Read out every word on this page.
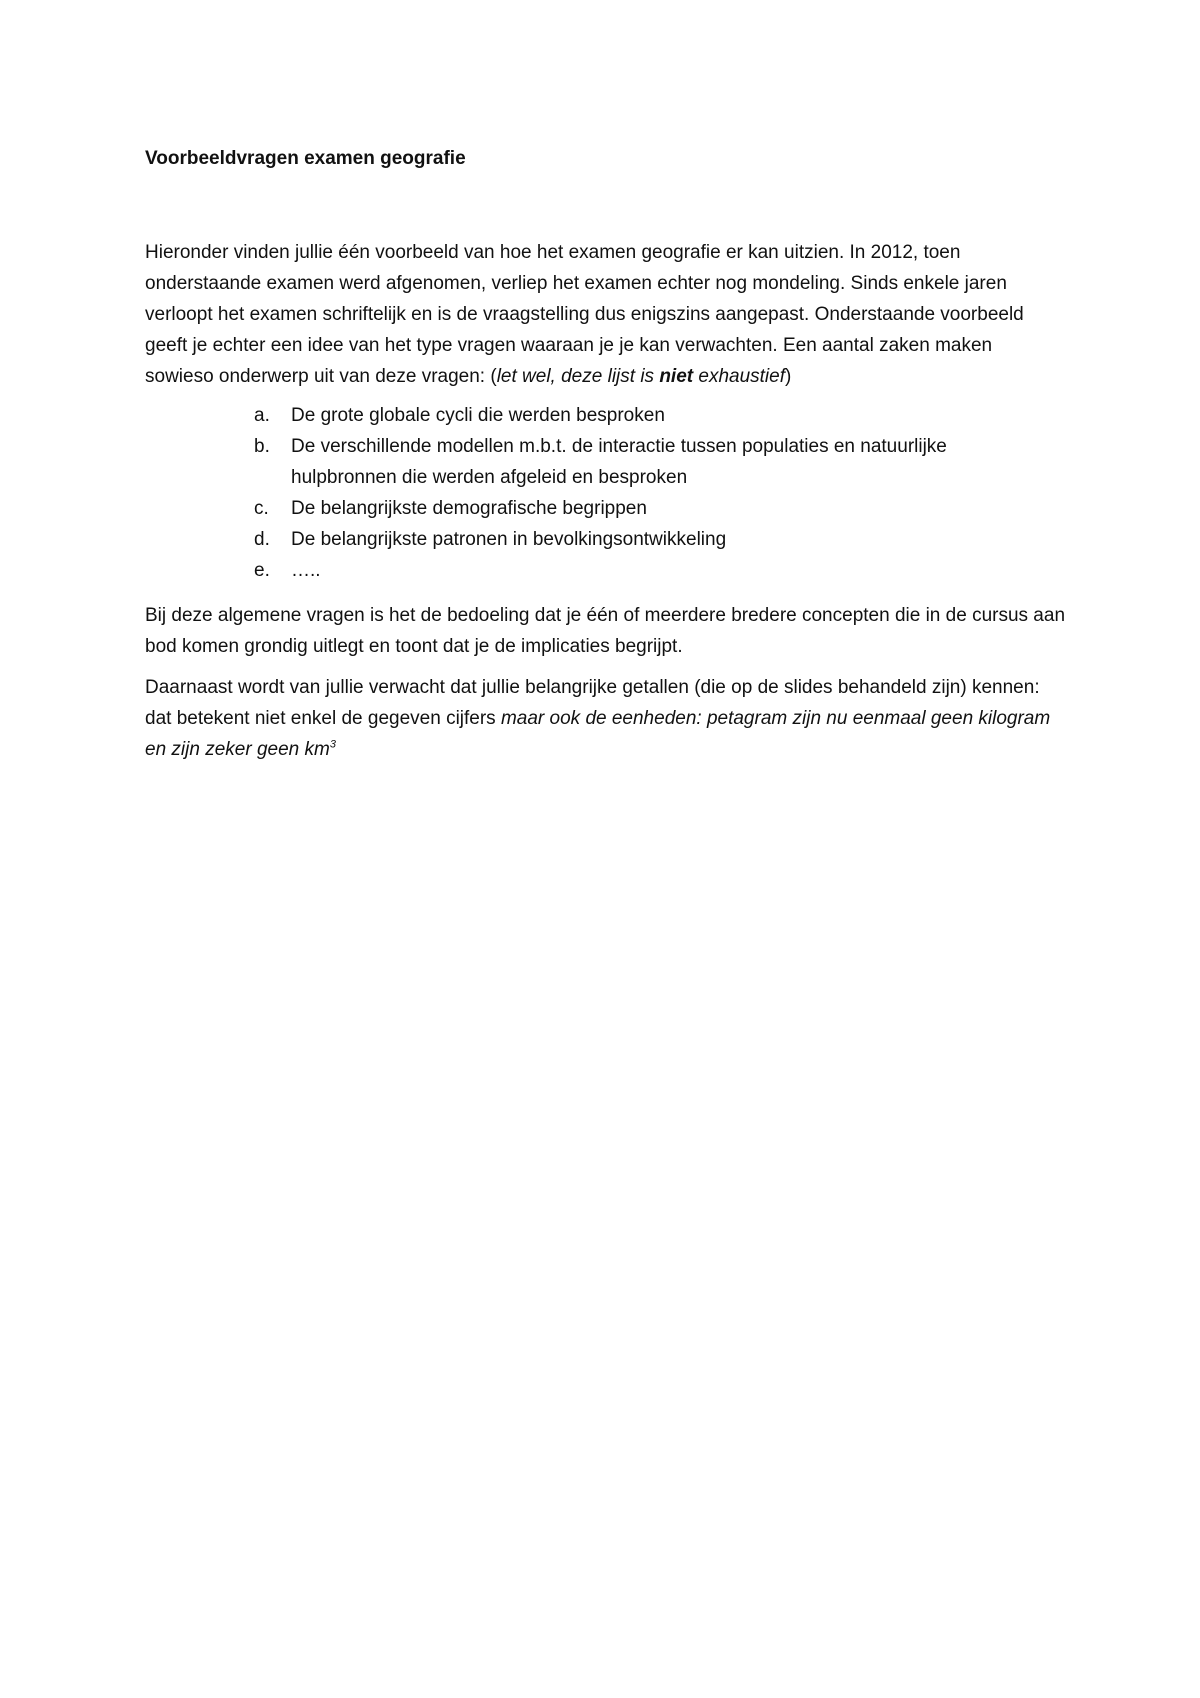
Voorbeeldvragen examen geografie

Hieronder vinden jullie één voorbeeld van hoe het examen geografie er kan uitzien. In 2012, toen onderstaande examen werd afgenomen, verliep het examen echter nog mondeling. Sinds enkele jaren verloopt het examen schriftelijk en is de vraagstelling dus enigszins aangepast. Onderstaande voorbeeld geeft je echter een idee van het type vragen waaraan je je kan verwachten. Een aantal zaken maken sowieso onderwerp uit van deze vragen: (let wel, deze lijst is niet exhaustief)

a.	De grote globale cycli die werden besproken
b.	De verschillende modellen m.b.t. de interactie tussen populaties en natuurlijke hulpbronnen die werden afgeleid en besproken
c.	De belangrijkste demografische begrippen
d.	De belangrijkste patronen in bevolkingsontwikkeling
e.	…..

Bij deze algemene vragen is het de bedoeling dat je één of meerdere bredere concepten die in de cursus aan bod komen grondig uitlegt en toont dat je de implicaties begrijpt.

Daarnaast wordt van jullie verwacht dat jullie belangrijke getallen (die op de slides behandeld zijn) kennen: dat betekent niet enkel de gegeven cijfers maar ook de eenheden: petagram zijn nu eenmaal geen kilogram en zijn zeker geen $km^3$
